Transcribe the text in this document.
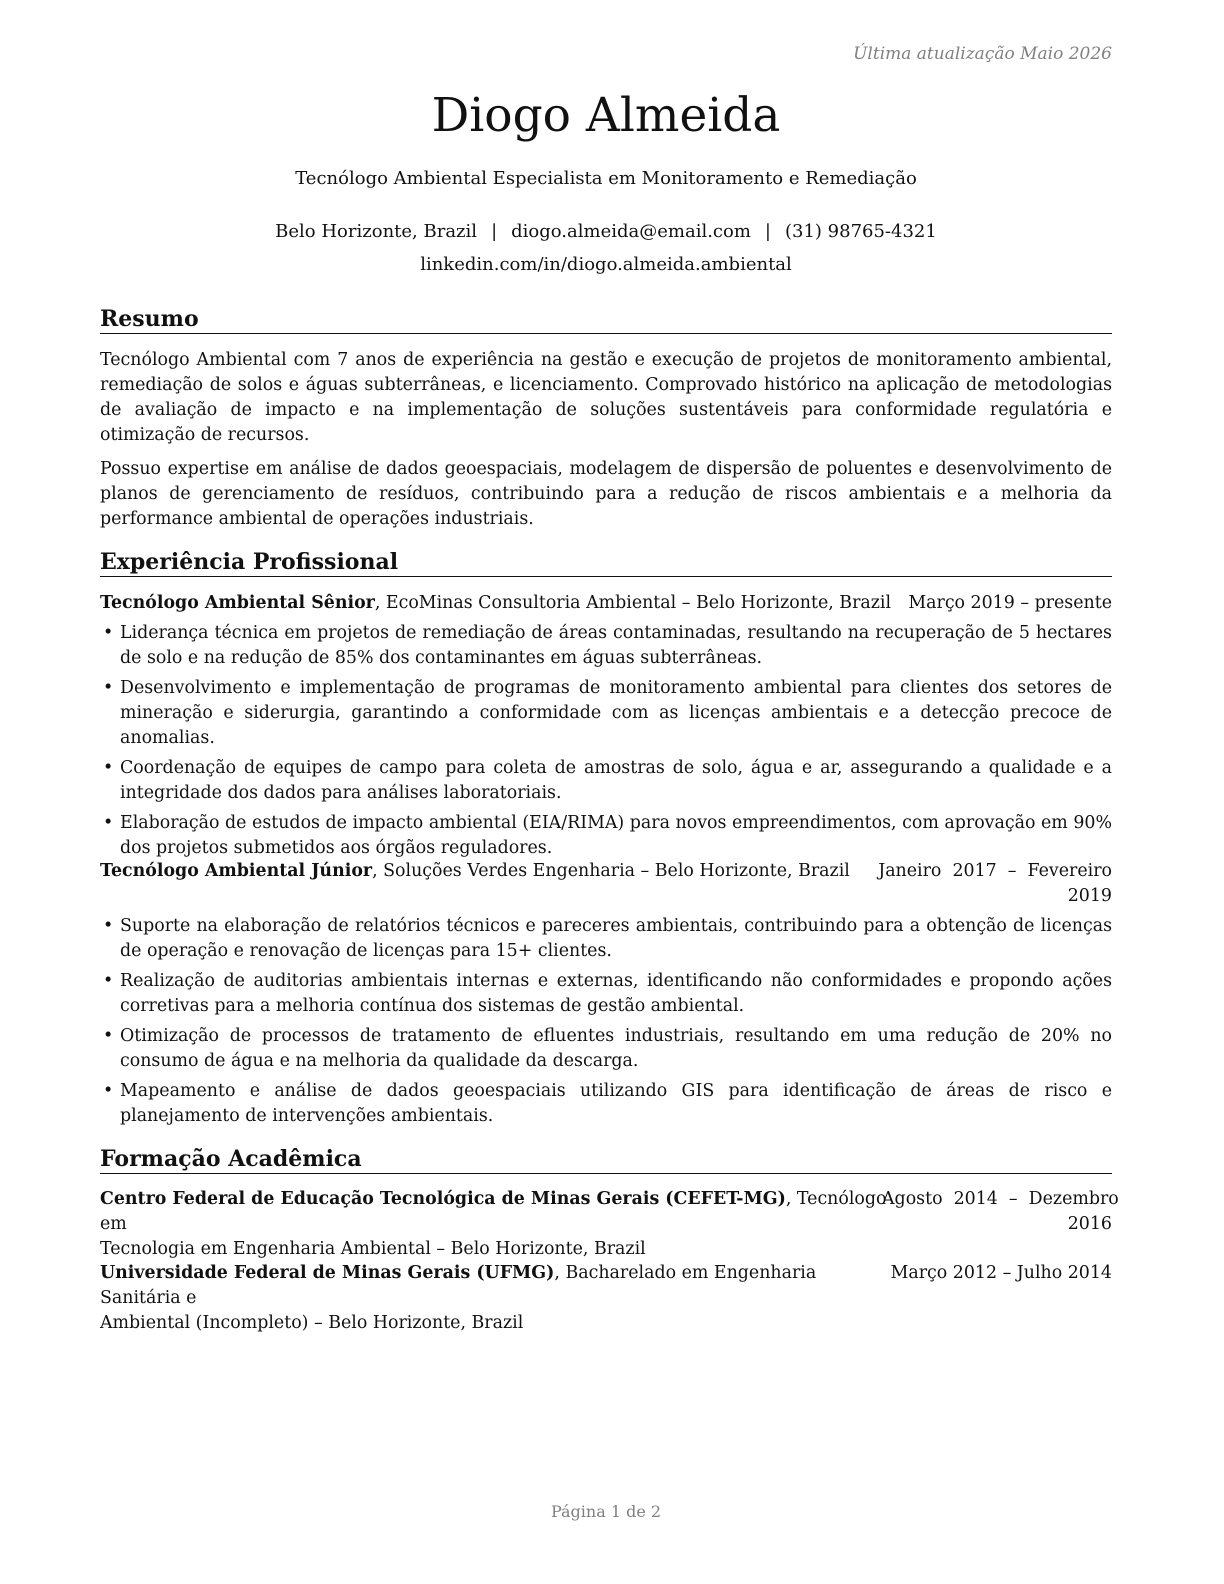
Última atualização Maio 2026
Diogo Almeida
Tecnólogo Ambiental Especialista em Monitoramento e Remediação
Belo Horizonte, Brazil | diogo.almeida@email.com | (31) 98765-4321
linkedin.com/in/diogo.almeida.ambiental
Resumo

Tecnólogo Ambiental com 7 anos de experiência na gestão e execução de projetos de monitoramento ambiental, remediação de solos e águas subterrâneas, e licenciamento. Comprovado histórico na aplicação de metodologias de avaliação de impacto e na implementação de soluções sustentáveis para conformidade regulatória e otimização de recursos.

Possuo expertise em análise de dados geoespaciais, modelagem de dispersão de poluentes e desenvolvimento de planos de gerenciamento de resíduos, contribuindo para a redução de riscos ambientais e a melhoria da performance ambiental de operações industriais.

Experiência Profissional
Tecnólogo Ambiental Sênior, EcoMinas Consultoria Ambiental – Belo Horizonte, Brazil Março 2019 – presente
• Liderança técnica em projetos de remediação de áreas contaminadas, resultando na recuperação de 5 hectares de solo e na redução de 85% dos contaminantes em águas subterrâneas.
• Desenvolvimento e implementação de programas de monitoramento ambiental para clientes dos setores de mineração e siderurgia, garantindo a conformidade com as licenças ambientais e a detecção precoce de anomalias.
• Coordenação de equipes de campo para coleta de amostras de solo, água e ar, assegurando a qualidade e a integridade dos dados para análises laboratoriais.
• Elaboração de estudos de impacto ambiental (EIA/RIMA) para novos empreendimentos, com aprovação em 90% dos projetos submetidos aos órgãos reguladores.
Tecnólogo Ambiental Júnior, Soluções Verdes Engenharia – Belo Horizonte, Brazil Janeiro  2017  –  Fevereiro
2019
• Suporte na elaboração de relatórios técnicos e pareceres ambientais, contribuindo para a obtenção de licenças de operação e renovação de licenças para 15+ clientes.
• Realização de auditorias ambientais internas e externas, identificando não conformidades e propondo ações corretivas para a melhoria contínua dos sistemas de gestão ambiental.
• Otimização de processos de tratamento de efluentes industriais, resultando em uma redução de 20% no consumo de água e na melhoria da qualidade da descarga.
• Mapeamento e análise de dados geoespaciais utilizando GIS para identificação de áreas de risco e planejamento de intervenções ambientais.
Formação Acadêmica
Centro Federal de Educação Tecnológica de Minas Gerais (CEFET-MG), Tecnólogo em
Tecnologia em Engenharia Ambiental – Belo Horizonte, Brazil
Agosto  2014  –  Dezembro
2016
Universidade Federal de Minas Gerais (UFMG), Bacharelado em Engenharia Sanitária e
Ambiental (Incompleto) – Belo Horizonte, Brazil
Março 2012 – Julho 2014
Página 1 de 2
